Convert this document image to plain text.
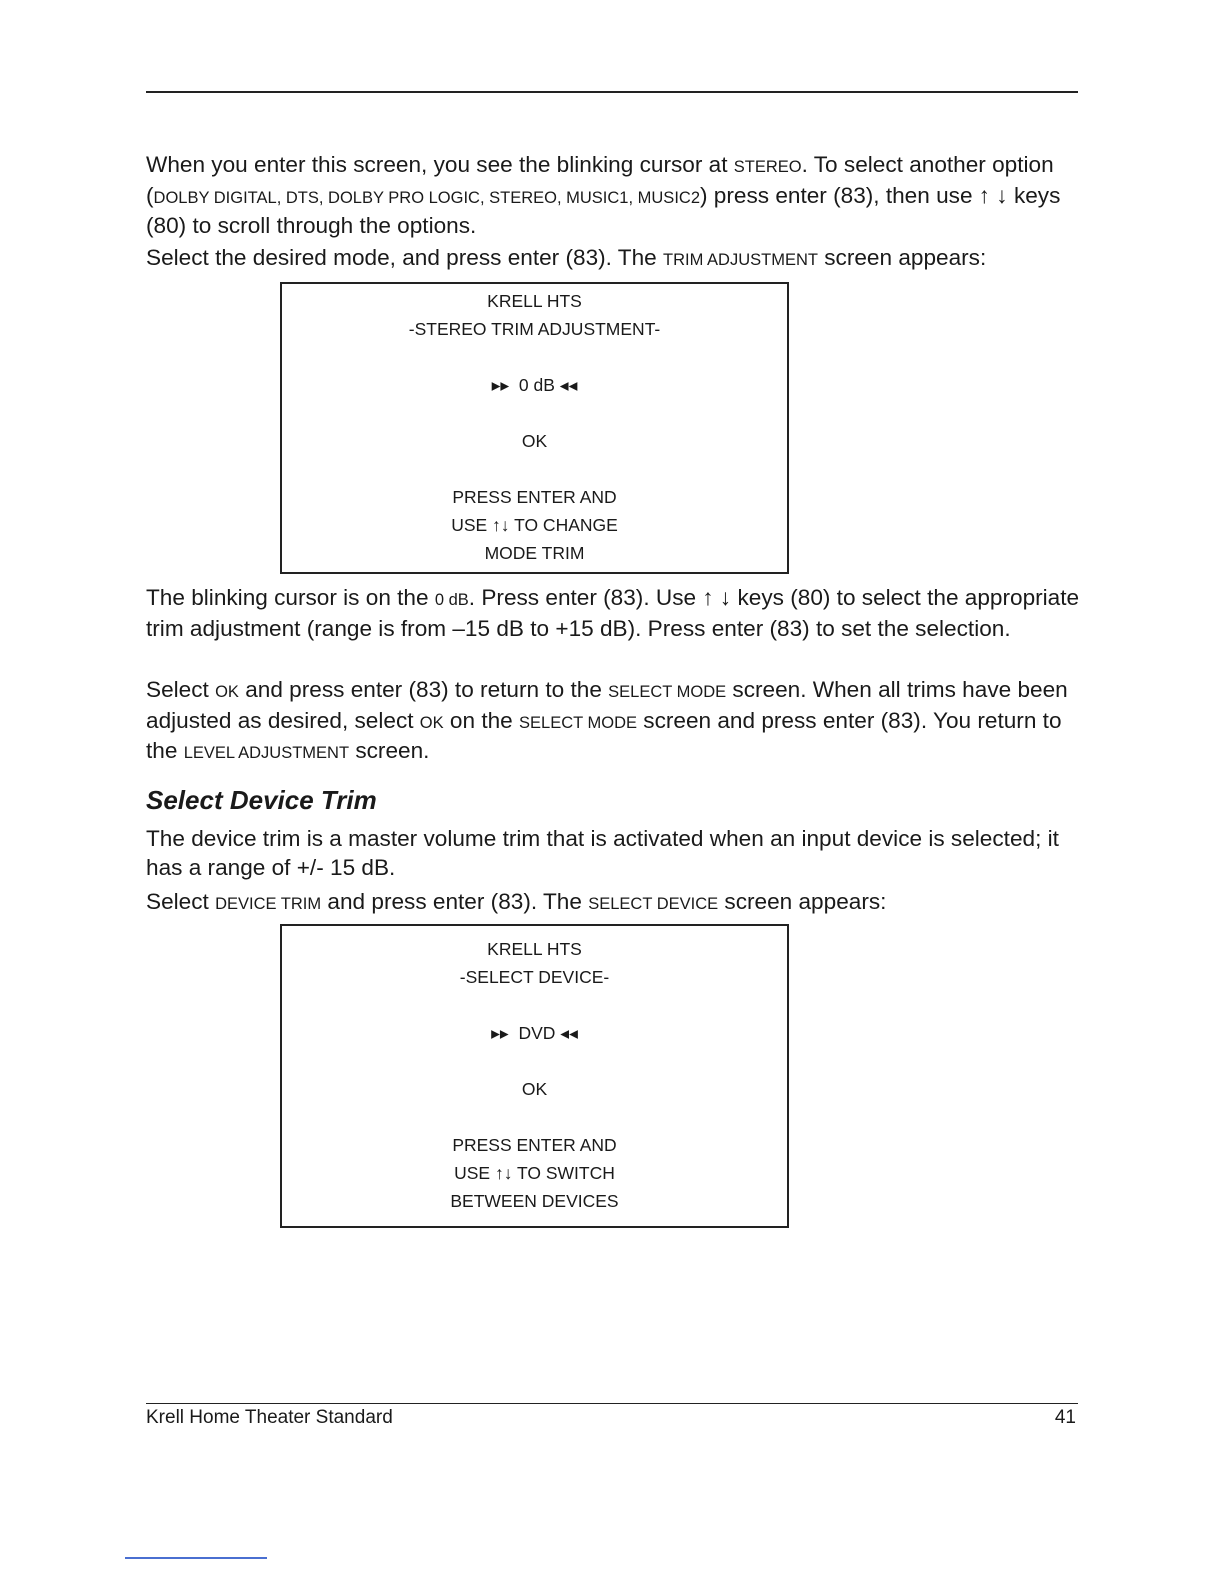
When you enter this screen, you see the blinking cursor at STEREO. To select another option (DOLBY DIGITAL, DTS, DOLBY PRO LOGIC, STEREO, MUSIC1, MUSIC2) press enter (83), then use ↑ ↓ keys (80) to scroll through the options.

Select the desired mode, and press enter (83). The TRIM ADJUSTMENT screen appears:

KRELL HTS
-STEREO TRIM ADJUSTMENT-
▸▸ 0 dB ◂◂
OK
PRESS ENTER AND
USE ↑↓ TO CHANGE
MODE TRIM

The blinking cursor is on the 0 dB. Press enter (83). Use ↑ ↓ keys (80) to select the appropriate trim adjustment (range is from –15 dB to +15 dB). Press enter (83) to set the selection.

Select OK and press enter (83) to return to the SELECT MODE screen. When all trims have been adjusted as desired, select OK on the SELECT MODE screen and press enter (83). You return to the LEVEL ADJUSTMENT screen.

Select Device Trim

The device trim is a master volume trim that is activated when an input device is selected; it has a range of +/- 15 dB.

Select DEVICE TRIM and press enter (83). The SELECT DEVICE screen appears:

KRELL HTS
-SELECT DEVICE-
▸▸ DVD ◂◂
OK
PRESS ENTER AND
USE ↑↓ TO SWITCH
BETWEEN DEVICES
Krell Home Theater Standard	41
